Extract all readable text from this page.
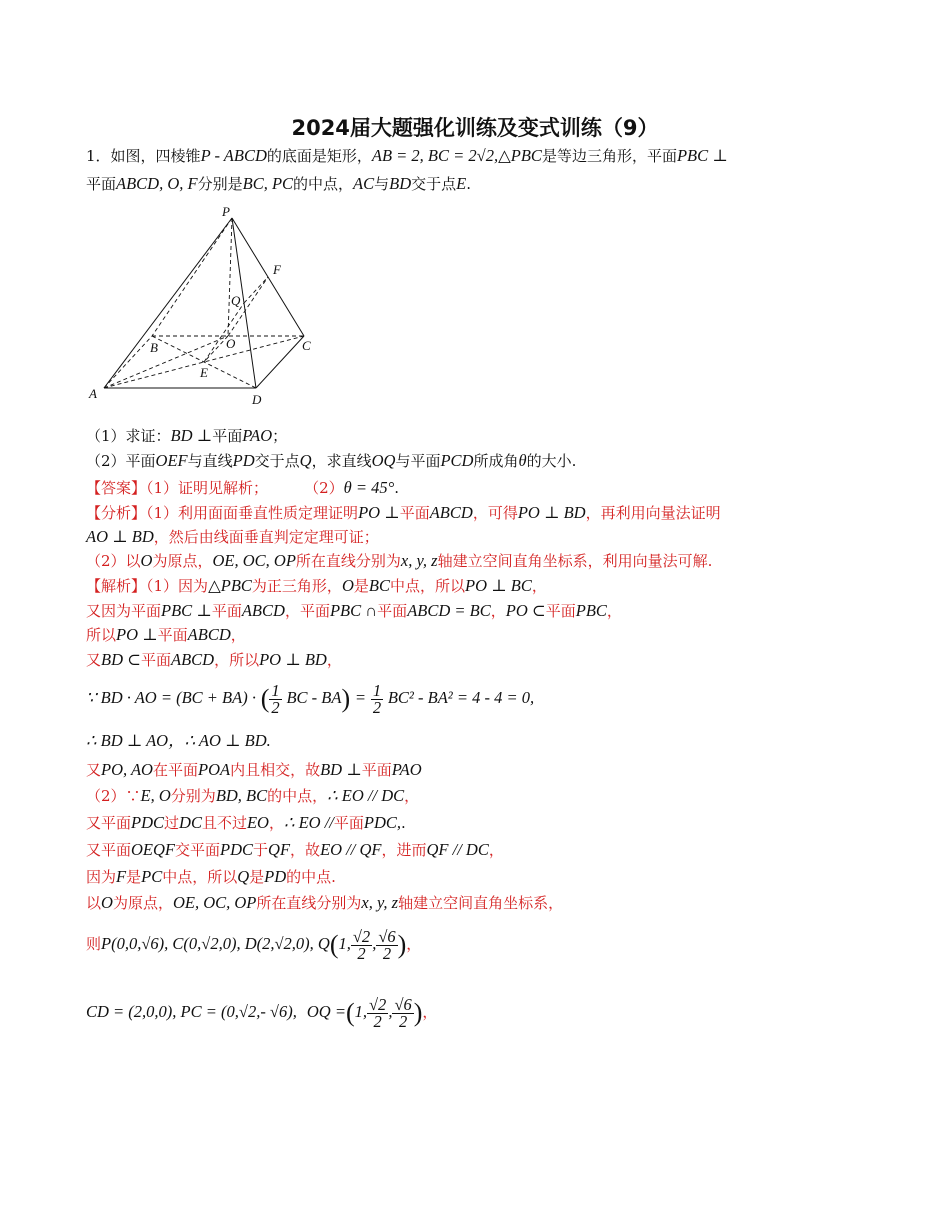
2024届大题强化训练及变式训练（9）
1．如图，四棱锥P - ABCD的底面是矩形，AB = 2, BC = 2√2,△PBC是等边三角形，平面PBC ⊥
平面ABCD, O, F分别是BC, PC的中点，AC与BD交于点E.
P
F
Q
B	O	C
E
A	D
（1）求证：BD ⊥平面PAO；
（2）平面OEF与直线PD交于点Q，求直线OQ与平面PCD所成角θ的大小.
【答案】（1）证明见解析； （2）θ = 45°.
【分析】（1）利用面面垂直性质定理证明PO ⊥平面ABCD，可得PO ⊥ BD，再利用向量法证明
AO ⊥ BD，然后由线面垂直判定定理可证；
（2）以O为原点，OE, OC, OP所在直线分别为x, y, z轴建立空间直角坐标系，利用向量法可解.
【解析】（1）因为△PBC为正三角形，O是BC中点，所以PO ⊥ BC，
又因为平面PBC ⊥平面ABCD，平面PBC ∩平面ABCD = BC，PO ⊂平面PBC，
所以PO ⊥平面ABCD，
又BD ⊂平面ABCD，所以PO ⊥ BD，
∵ BD · AO = (BC + BA) · ( $\frac{1}{2}$ BC - $BA) = \frac{1}{2} BC^2 - BA^2 = 4 - 4 = 0$,
∴ BD ⊥ AO，∴ AO ⊥ BD.
又PO, AO在平面POA内且相交，故BD ⊥平面PAO
（2）∵E, O分别为BD, BC的中点，∴ EO // DC，
又平面PDC过DC且不过EO，∴ EO //平面PDC,.
又平面OEQF交平面PDC于QF，故EO // QF，进而QF // DC，
因为F是PC中点，所以Q是PD的中点.
以O为原点，OE, OC, OP所在直线分别为x, y, z轴建立空间直角坐标系，
则P(0,0,√6), C(0,√2,0), D(2,√2,0), Q(1, $\frac{√2}{2}$ , $\frac{√6}{2}$ )，
CD = (2,0,0), PC = (0,√2,- √6), OQ =(1, $\frac{√2}{2}$ , $\frac{√6}{2}$ )，
